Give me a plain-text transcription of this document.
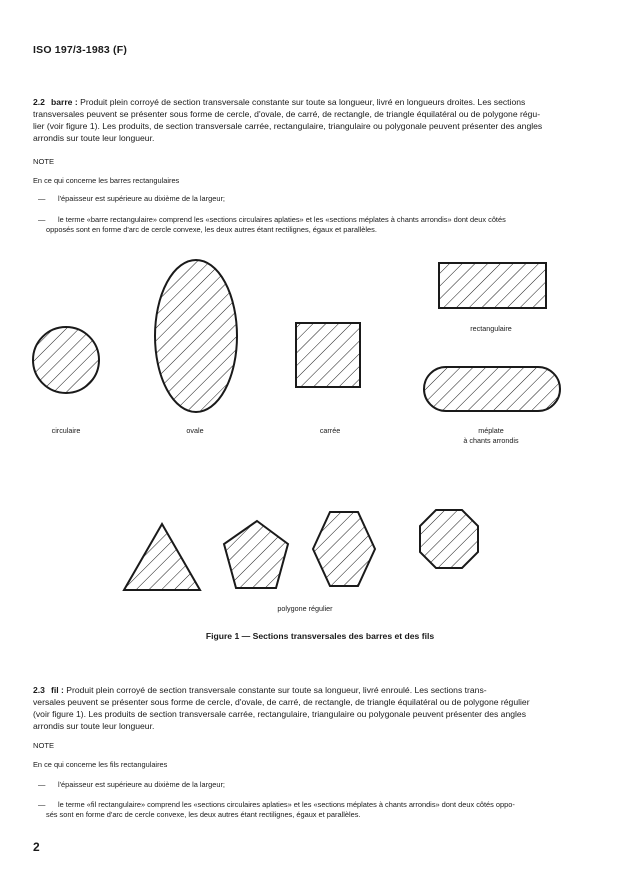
ISO 197/3-1983 (F)
2.2 barre : Produit plein corroyé de section transversale constante sur toute sa longueur, livré en longueurs droites. Les sections
transversales peuvent se présenter sous forme de cercle, d'ovale, de carré, de rectangle, de triangle équilatéral ou de polygone régu-
lier (voir figure 1). Les produits, de section transversale carrée, rectangulaire, triangulaire ou polygonale peuvent présenter des angles
arrondis sur toute leur longueur.
NOTE
En ce qui concerne les barres rectangulaires
— l'épaisseur est supérieure au dixième de la largeur;
— le terme «barre rectangulaire» comprend les «sections circulaires aplaties» et les «sections méplates à chants arrondis» dont deux côtés
opposés sont en forme d'arc de cercle convexe, les deux autres étant rectilignes, égaux et parallèles.
circulaire	ovale	carrée
rectangulaire
méplate
à chants arrondis
polygone régulier
Figure 1 — Sections transversales des barres et des fils
2.3 fil : Produit plein corroyé de section transversale constante sur toute sa longueur, livré enroulé. Les sections trans-
versales peuvent se présenter sous forme de cercle, d'ovale, de carré, de rectangle, de triangle équilatéral ou de polygone régulier
(voir figure 1). Les produits de section transversale carrée, rectangulaire, triangulaire ou polygonale peuvent présenter des angles
arrondis sur toute leur longueur.
NOTE
En ce qui concerne les fils rectangulaires
— l'épaisseur est supérieure au dixième de la largeur;
— le terme «fil rectangulaire» comprend les «sections circulaires aplaties» et les «sections méplates à chants arrondis» dont deux côtés oppo-
sés sont en forme d'arc de cercle convexe, les deux autres étant rectilignes, égaux et parallèles.
2
